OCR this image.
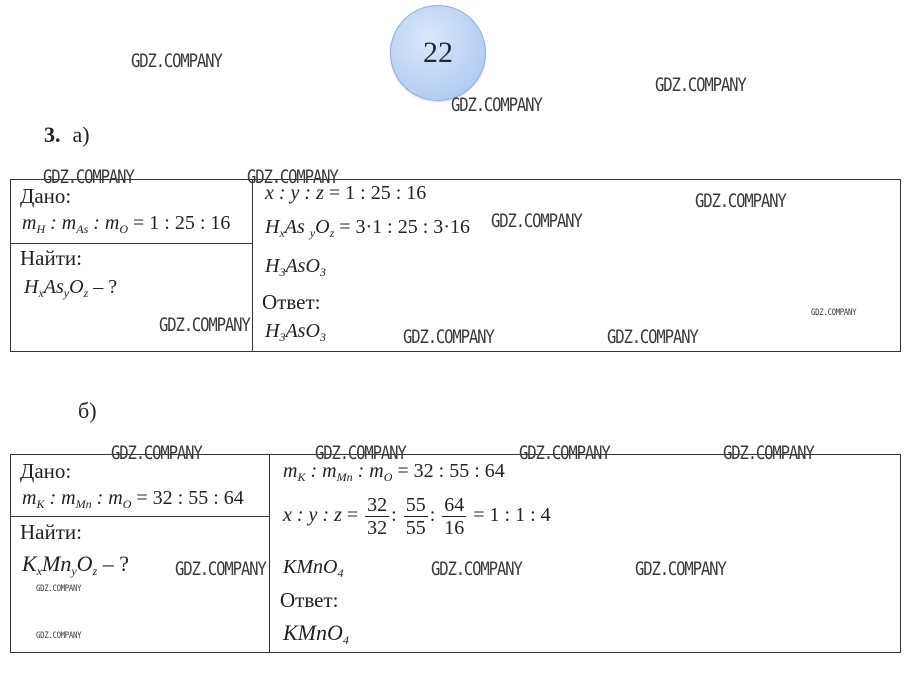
22
3. а)
б)
Дано:
$m_H$ : $m_{As}$ : $m_O = 1$ : 25 : 16
Найти:
$H_xAs_yO_z$ – ?
x : y : z = 1 : 25 : 16
$H_xAs$ $_yO_z = 3\cdot 1$ : 25 : 3·16
$H_3AsO_3$
Ответ:
$H_3AsO_3$
Дано:
$m_K$ : $m_{Mn}$ : $m_O = 32$ : 55 : 64
Найти:
$K_xMn_yO_z$ – ?
$m_K$ : $m_{Mn}$ : $m_O = 32$ : 55 : 64
x : y : $z = \frac{32}{32}$ : $\frac{55}{55}$ : $\frac{64}{16} = 1$ : 1 : 4
KMnO$_4$
Ответ:
KMnO$_4$
GDZ.COMPANY
GDZ.COMPANY
GDZ.COMPANY
GDZ.COMPANY	GDZ.COMPANY
GDZ.COMPANY
GDZ.COMPANY
GDZ.COMPANY
GDZ.COMPANY
GDZ.COMPANY	GDZ.COMPANY
GDZ.COMPANY	GDZ.COMPANY	GDZ.COMPANY	GDZ.COMPANY
GDZ.COMPANY	GDZ.COMPANY	GDZ.COMPANY
GDZ.COMPANY
GDZ.COMPANY
